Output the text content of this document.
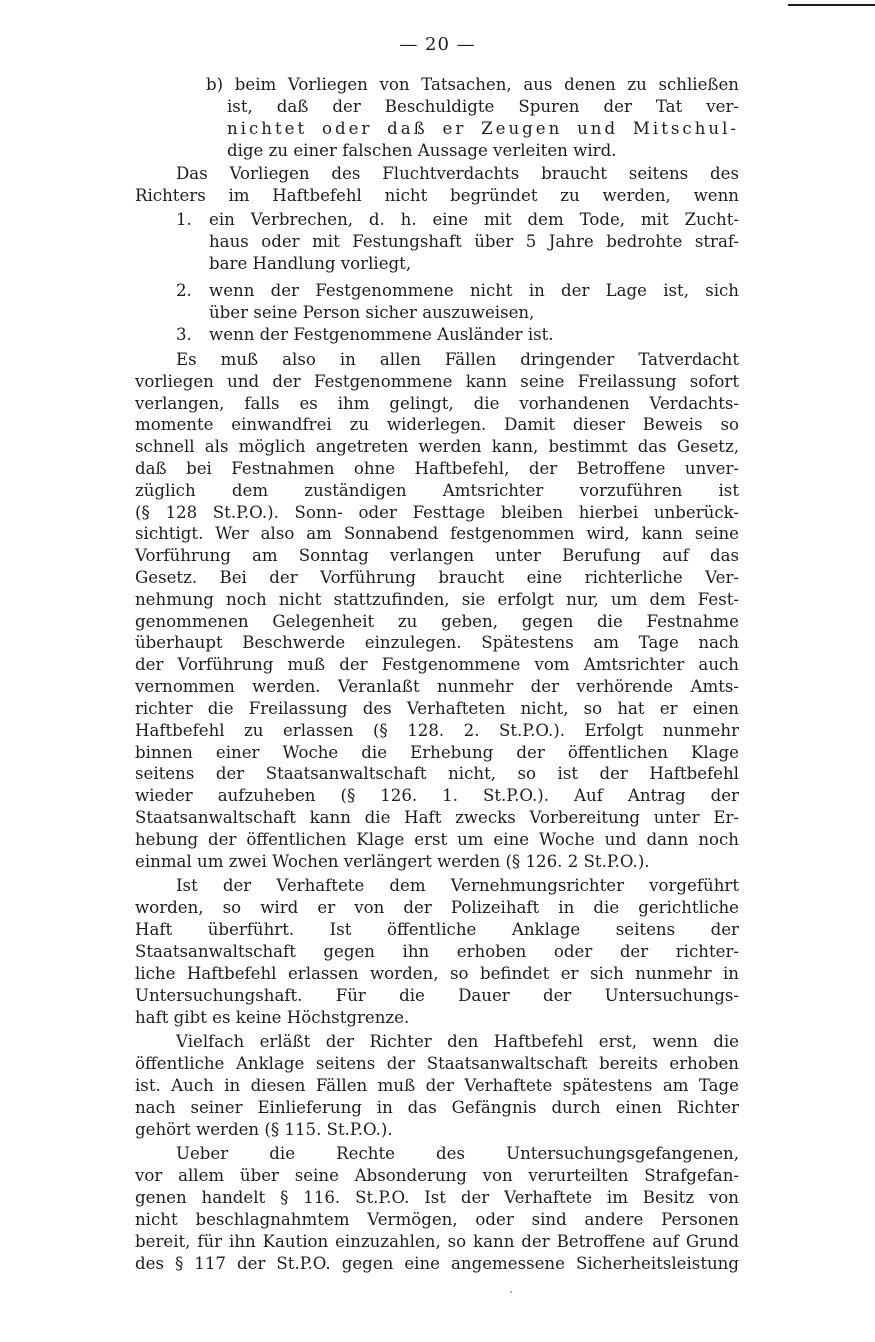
— 20 —
b) beim Vorliegen von Tatsachen, aus denen zu schließen
ist, daß der Beschuldigte Spuren der Tat ver-
nichtet oder daß er Zeugen und Mitschul-
dige zu einer falschen Aussage verleiten wird.
Das Vorliegen des Fluchtverdachts braucht seitens des
Richters im Haftbefehl nicht begründet zu werden, wenn
1.	ein Verbrechen, d. h. eine mit dem Tode, mit Zucht-
haus oder mit Festungshaft über 5 Jahre bedrohte straf-
bare Handlung vorliegt,
2.	wenn der Festgenommene nicht in der Lage ist, sich
über seine Person sicher auszuweisen,
3.	wenn der Festgenommene Ausländer ist.
Es muß also in allen Fällen dringender Tatverdacht
vorliegen und der Festgenommene kann seine Freilassung sofort
verlangen, falls es ihm gelingt, die vorhandenen Verdachts-
momente einwandfrei zu widerlegen. Damit dieser Beweis so
schnell als möglich angetreten werden kann, bestimmt das Gesetz,
daß bei Festnahmen ohne Haftbefehl, der Betroffene unver-
züglich dem zuständigen Amtsrichter vorzuführen ist
(§ 128 St.P.O.). Sonn- oder Festtage bleiben hierbei unberück-
sichtigt. Wer also am Sonnabend festgenommen wird, kann seine
Vorführung am Sonntag verlangen unter Berufung auf das
Gesetz. Bei der Vorführung braucht eine richterliche Ver-
nehmung noch nicht stattzufinden, sie erfolgt nur, um dem Fest-
genommenen Gelegenheit zu geben, gegen die Festnahme
überhaupt Beschwerde einzulegen. Spätestens am Tage nach
der Vorführung muß der Festgenommene vom Amtsrichter auch
vernommen werden. Veranlaßt nunmehr der verhörende Amts-
richter die Freilassung des Verhafteten nicht, so hat er einen
Haftbefehl zu erlassen (§ 128. 2. St.P.O.). Erfolgt nunmehr
binnen einer Woche die Erhebung der öffentlichen Klage
seitens der Staatsanwaltschaft nicht, so ist der Haftbefehl
wieder aufzuheben (§ 126. 1. St.P.O.). Auf Antrag der
Staatsanwaltschaft kann die Haft zwecks Vorbereitung unter Er-
hebung der öffentlichen Klage erst um eine Woche und dann noch
einmal um zwei Wochen verlängert werden (§ 126. 2 St.P.O.).
Ist der Verhaftete dem Vernehmungsrichter vorgeführt
worden, so wird er von der Polizeihaft in die gerichtliche
Haft überführt. Ist öffentliche Anklage seitens der
Staatsanwaltschaft gegen ihn erhoben oder der richter-
liche Haftbefehl erlassen worden, so befindet er sich nunmehr in
Untersuchungshaft. Für die Dauer der Untersuchungs-
haft gibt es keine Höchstgrenze.
Vielfach erläßt der Richter den Haftbefehl erst, wenn die
öffentliche Anklage seitens der Staatsanwaltschaft bereits erhoben
ist. Auch in diesen Fällen muß der Verhaftete spätestens am Tage
nach seiner Einlieferung in das Gefängnis durch einen Richter
gehört werden (§ 115. St.P.O.).
Ueber die Rechte des Untersuchungsgefangenen,
vor allem über seine Absonderung von verurteilten Strafgefan-
genen handelt § 116. St.P.O. Ist der Verhaftete im Besitz von
nicht beschlagnahmtem Vermögen, oder sind andere Personen
bereit, für ihn Kaution einzuzahlen, so kann der Betroffene auf Grund
des § 117 der St.P.O. gegen eine angemessene Sicherheitsleistung
